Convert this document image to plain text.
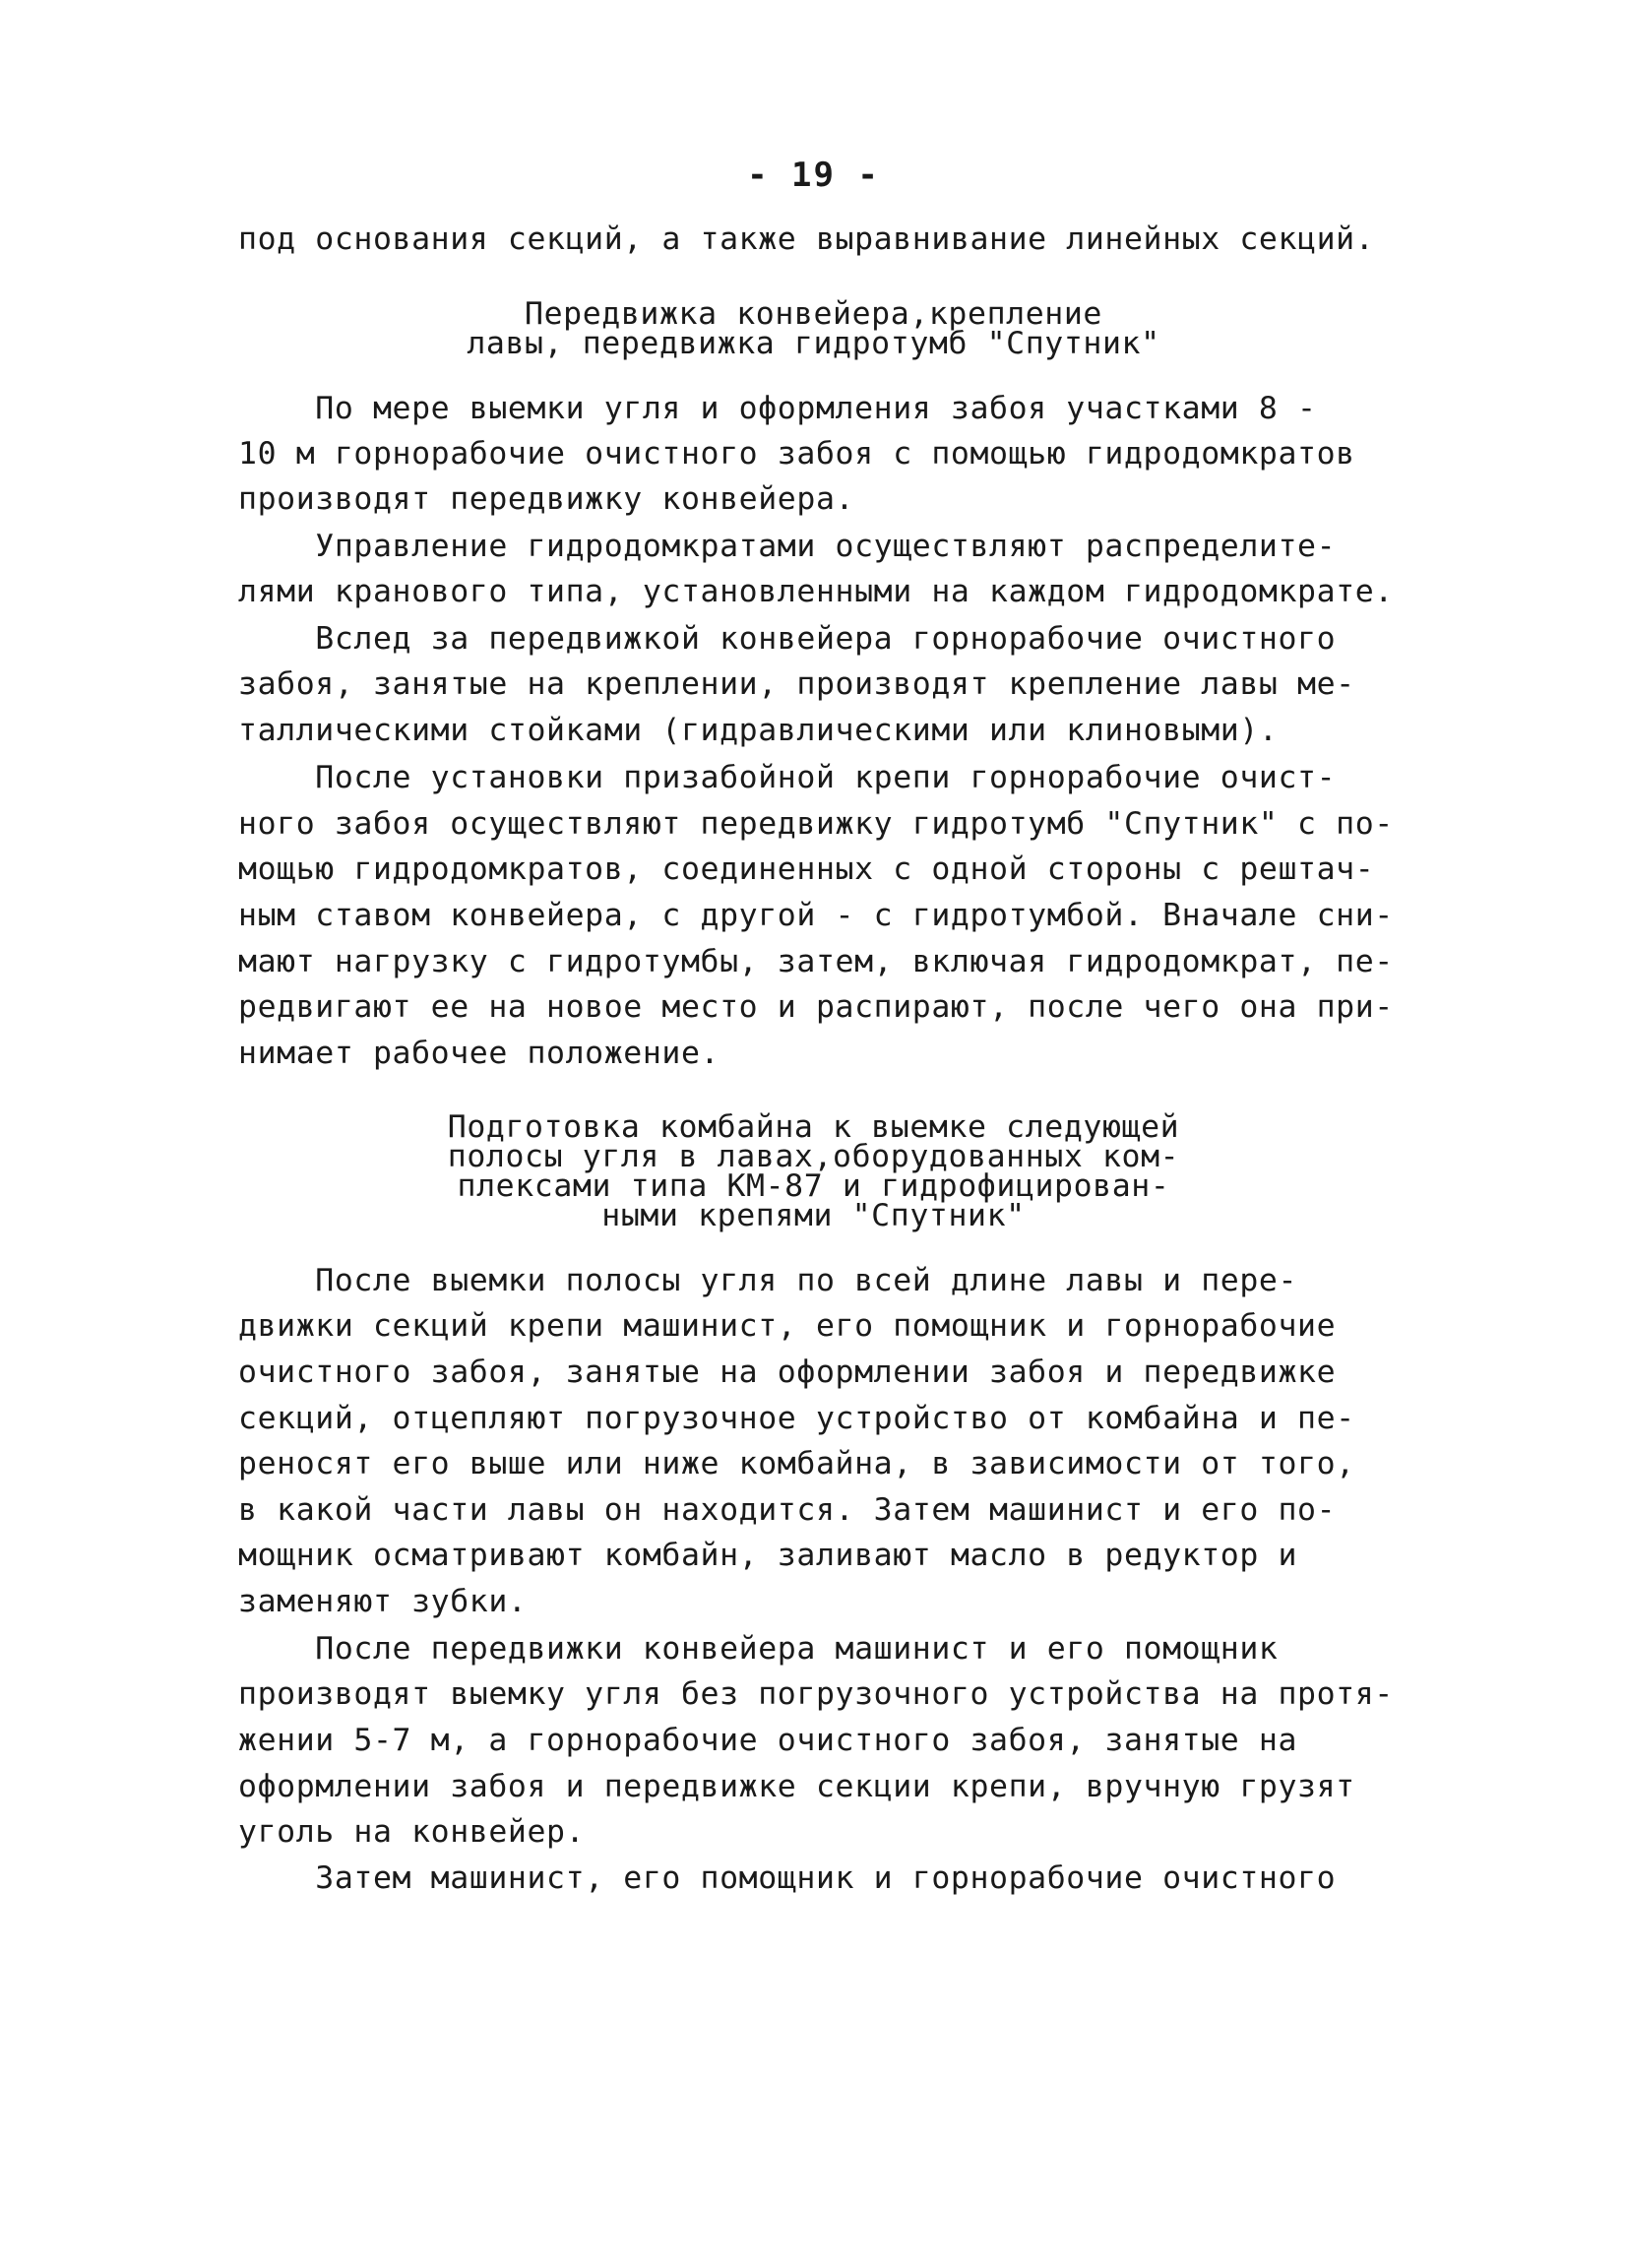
- 19 -
под основания секций, а также выравнивание линейных секций.
Передвижка конвейера,крепление
лавы, передвижка гидротумб "Спутник"
По мере выемки угля и оформления забоя участками 8 -
10 м горнорабочие очистного забоя с помощью гидродомкратов
производят передвижку конвейера.
Управление гидродомкратами осуществляют распределите-
лями кранового типа, установленными на каждом гидродомкрате.
Вслед за передвижкой конвейера горнорабочие очистного
забоя, занятые на креплении, производят крепление лавы ме-
таллическими стойками (гидравлическими или клиновыми).
После установки призабойной крепи горнорабочие очист-
ного забоя осуществляют передвижку гидротумб "Спутник" с по-
мощью гидродомкратов, соединенных с одной стороны с рештач-
ным ставом конвейера, с другой - с гидротумбой. Вначале сни-
мают нагрузку с гидротумбы, затем, включая гидродомкрат, пе-
редвигают ее на новое место и распирают, после чего она при-
нимает рабочее положение.
Подготовка комбайна к выемке следующей
полосы угля в лавах,оборудованных ком-
плексами типа КМ-87 и гидрофицирован-
ными крепями "Спутник"
После выемки полосы угля по всей длине лавы и пере-
движки секций крепи машинист, его помощник и горнорабочие
очистного забоя, занятые на оформлении забоя и передвижке
секций, отцепляют погрузочное устройство от комбайна и пе-
реносят его выше или ниже комбайна, в зависимости от того,
в какой части лавы он находится. Затем машинист и его по-
мощник осматривают комбайн, заливают масло в редуктор и
заменяют зубки.
После передвижки конвейера машинист и его помощник
производят выемку угля без погрузочного устройства на протя-
жении 5-7 м, а горнорабочие очистного забоя, занятые на
оформлении забоя и передвижке секции крепи, вручную грузят
уголь на конвейер.
Затем машинист, его помощник и горнорабочие очистного
